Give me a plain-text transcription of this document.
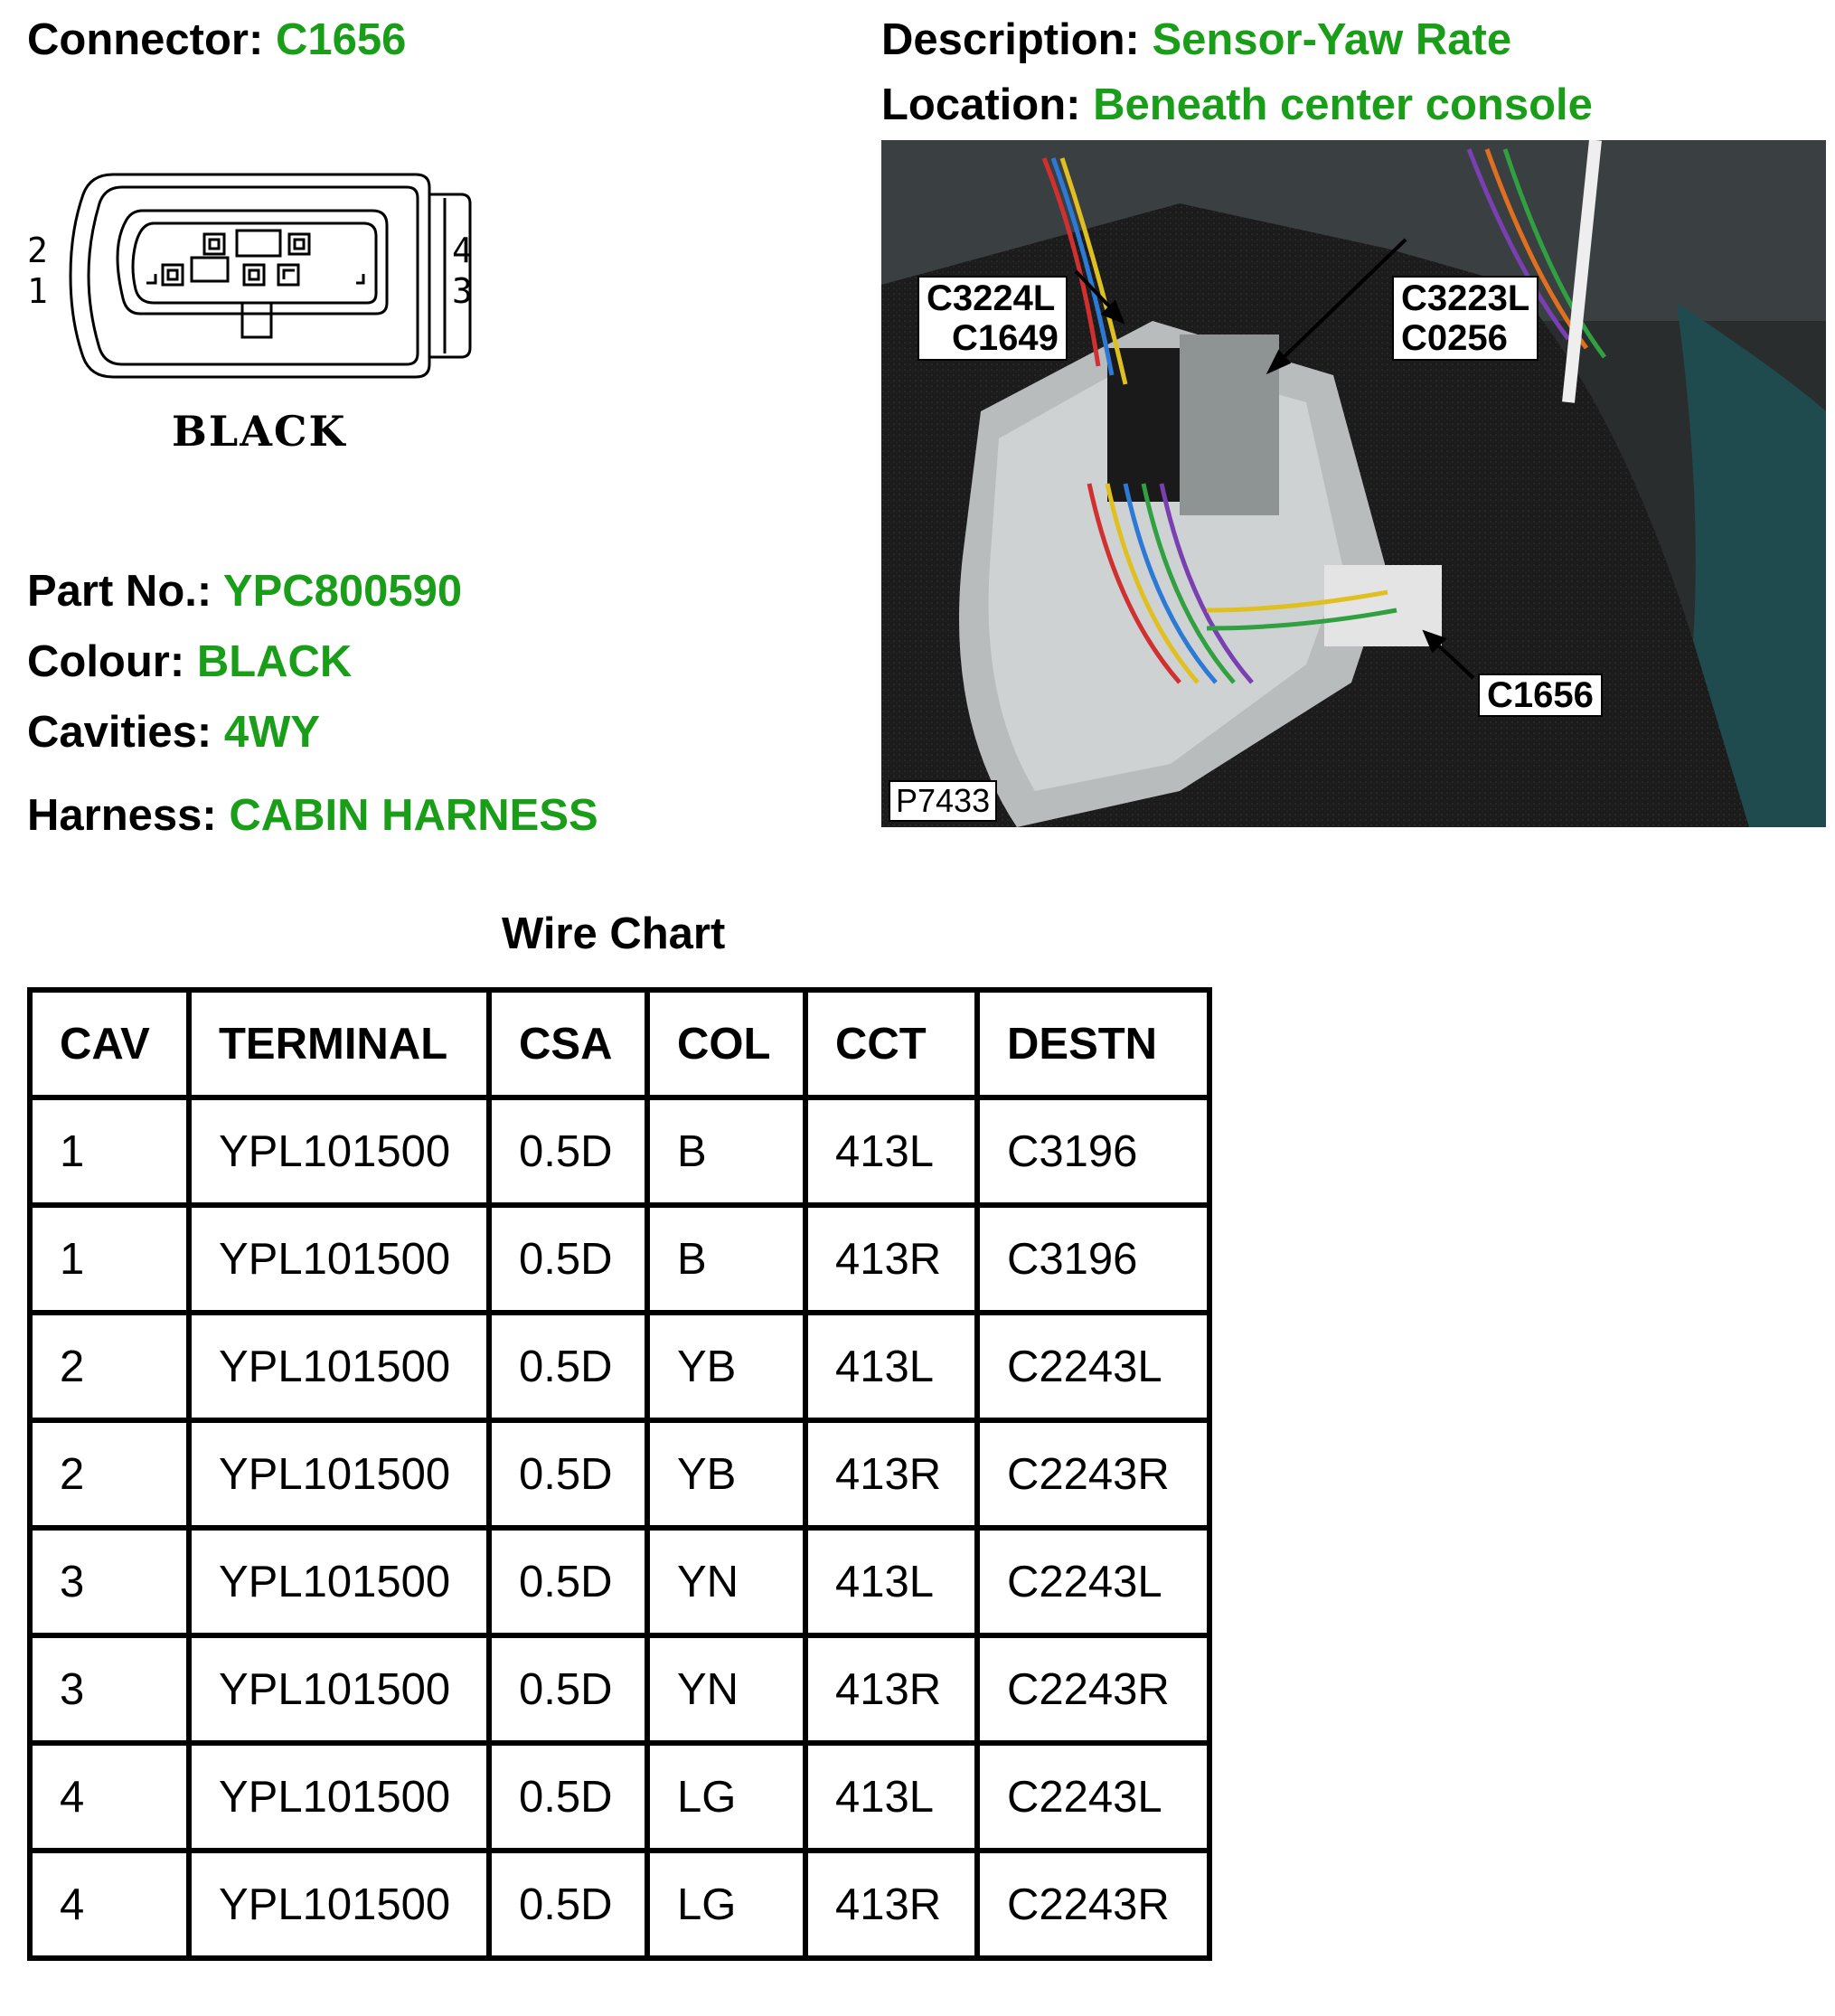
Connector: C1656	Description: Sensor-Yaw Rate
Location: Beneath center console
2
1
4
3
BLACK
Part No.: YPC800590
Colour: BLACK
Cavities: 4WY
Harness: CABIN HARNESS
C3224L
C1649
C3223L
C0256
C1656
P7433
Wire Chart
CAV	TERMINAL	CSA	COL	CCT	DESTN
1	YPL101500	0.5D	B	413L	C3196
1	YPL101500	0.5D	B	413R	C3196
2	YPL101500	0.5D	YB	413L	C2243L
2	YPL101500	0.5D	YB	413R	C2243R
3	YPL101500	0.5D	YN	413L	C2243L
3	YPL101500	0.5D	YN	413R	C2243R
4	YPL101500	0.5D	LG	413L	C2243L
4	YPL101500	0.5D	LG	413R	C2243R
